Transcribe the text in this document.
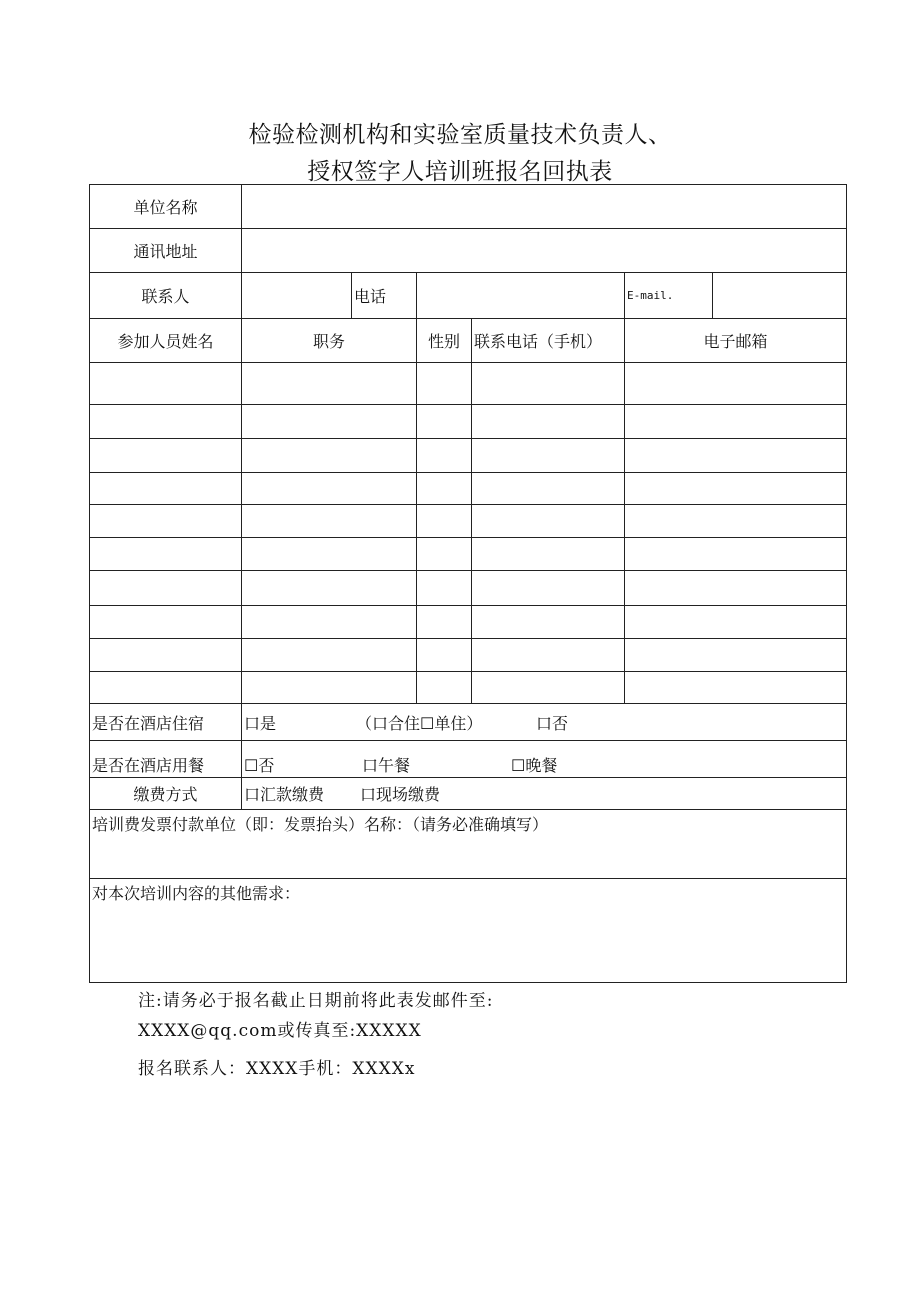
检验检测机构和实验室质量技术负责人、
授权签字人培训班报名回执表
单位名称						
通讯地址						
联系人		电话			E-mail.	
参加人员姓名	职务		性别	联系电话（手机）	电子邮箱	

是否在酒店住宿	口是 （口合住☐单住） 口否					
是否在酒店用餐	☐否 口午餐 ☐晚餐					
缴费方式	口汇款缴费 口现场缴费					
培训费发票付款单位（即：发票抬头）名称：（请务必准确填写）						
对本次培训内容的其他需求：						
注:请务必于报名截止日期前将此表发邮件至:
XXXX@qq.com或传真至:XXXXX
报名联系人：XXXX手机：XXXXx
